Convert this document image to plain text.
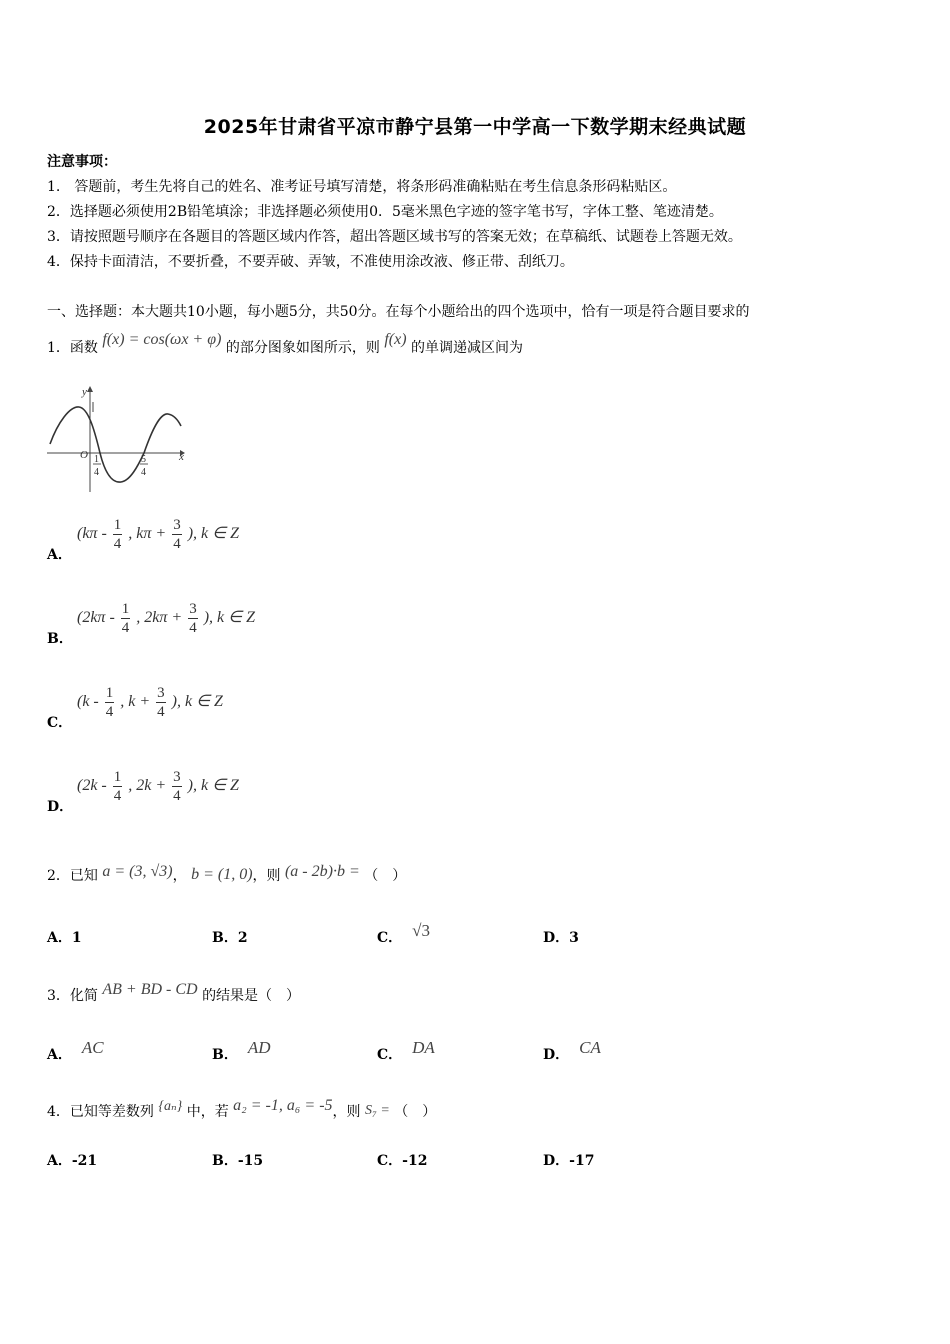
2025年甘肃省平凉市静宁县第一中学高一下数学期末经典试题
注意事项：
1.　答题前，考生先将自己的姓名、准考证号填写清楚，将条形码准确粘贴在考生信息条形码粘贴区。
2．选择题必须使用2B铅笔填涂；非选择题必须使用0．5毫米黑色字迹的签字笔书写，字体工整、笔迹清楚。
3．请按照题号顺序在各题目的答题区域内作答，超出答题区域书写的答案无效；在草稿纸、试题卷上答题无效。
4．保持卡面清洁，不要折叠，不要弄破、弄皱，不准使用涂改液、修正带、刮纸刀。
一、选择题：本大题共10小题，每小题5分，共50分。在每个小题给出的四个选项中，恰有一项是符合题目要求的
1．函数 f(x) = cos(ωx + φ) 的部分图象如图所示，则 f(x) 的单调递减区间为
y
x
O 1
4
5
4
A．
($k\pi - \frac{1}{4}$ , $k\pi + \frac{3}{4}$ ), k ∈ Z
B．
($2k\pi - \frac{1}{4}$ , $2k\pi + \frac{3}{4}$ ), k ∈ Z
C．
($k - \frac{1}{4}$ , $k + \frac{3}{4}$ ), k ∈ Z
D．
($2k - \frac{1}{4}$ , $2k + \frac{3}{4}$ ), k ∈ Z
2．已知 a = (3, √3)， b = (1, 0)，则 (a - 2b)·b = （　）
A．1	B．2	C． √3	D．3
3．化简 AB + BD - CD 的结果是（　）
A． AC	B． AD	C． DA	D． CA
4．已知等差数列 {aₙ} 中，若 a₂ = -1, a₆ = -5，则 S₇ = （　）
A．-21	B．-15	C．-12	D．-17
